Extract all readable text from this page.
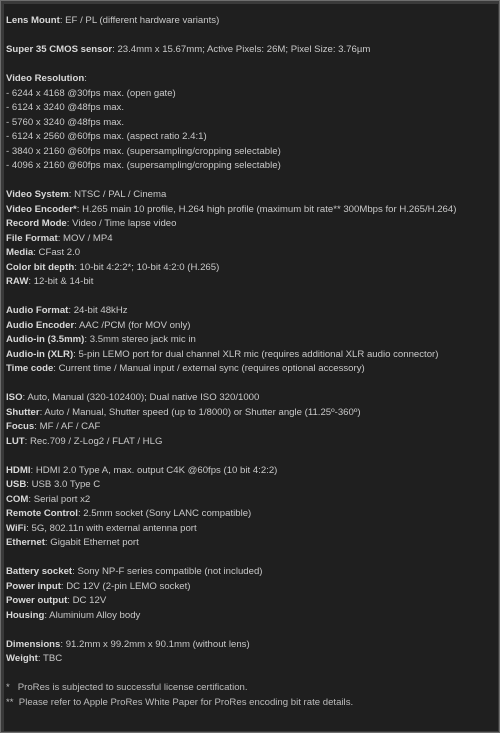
Lens Mount: EF / PL (different hardware variants)
Super 35 CMOS sensor: 23.4mm x 15.67mm; Active Pixels: 26M; Pixel Size: 3.76µm
Video Resolution:
- 6244 x 4168 @30fps max. (open gate)
- 6124 x 3240 @48fps max.
- 5760 x 3240 @48fps max.
- 6124 x 2560 @60fps max. (aspect ratio 2.4:1)
- 3840 x 2160 @60fps max. (supersampling/cropping selectable)
- 4096 x 2160 @60fps max. (supersampling/cropping selectable)
Video System: NTSC / PAL / Cinema
Video Encoder*: H.265 main 10 profile, H.264 high profile (maximum bit rate** 300Mbps for H.265/H.264)
Record Mode: Video / Time lapse video
File Format: MOV / MP4
Media: CFast 2.0
Color bit depth: 10-bit 4:2:2*; 10-bit 4:2:0 (H.265)
RAW: 12-bit & 14-bit
Audio Format: 24-bit 48kHz
Audio Encoder: AAC /PCM (for MOV only)
Audio-in (3.5mm): 3.5mm stereo jack mic in
Audio-in (XLR): 5-pin LEMO port for dual channel XLR mic (requires additional XLR audio connector)
Time code: Current time / Manual input / external sync (requires optional accessory)
ISO: Auto, Manual (320-102400); Dual native ISO 320/1000
Shutter: Auto / Manual, Shutter speed (up to 1/8000) or Shutter angle (11.25º-360º)
Focus: MF / AF / CAF
LUT: Rec.709 / Z-Log2 / FLAT / HLG
HDMI: HDMI 2.0 Type A, max. output C4K @60fps (10 bit 4:2:2)
USB: USB 3.0 Type C
COM: Serial port x2
Remote Control: 2.5mm socket (Sony LANC compatible)
WiFi: 5G, 802.11n with external antenna port
Ethernet: Gigabit Ethernet port
Battery socket: Sony NP-F series compatible (not included)
Power input: DC 12V (2-pin LEMO socket)
Power output: DC 12V
Housing: Aluminium Alloy body
Dimensions: 91.2mm x 99.2mm x 90.1mm (without lens)
Weight: TBC
*   ProRes is subjected to successful license certification.
**  Please refer to Apple ProRes White Paper for ProRes encoding bit rate details.
